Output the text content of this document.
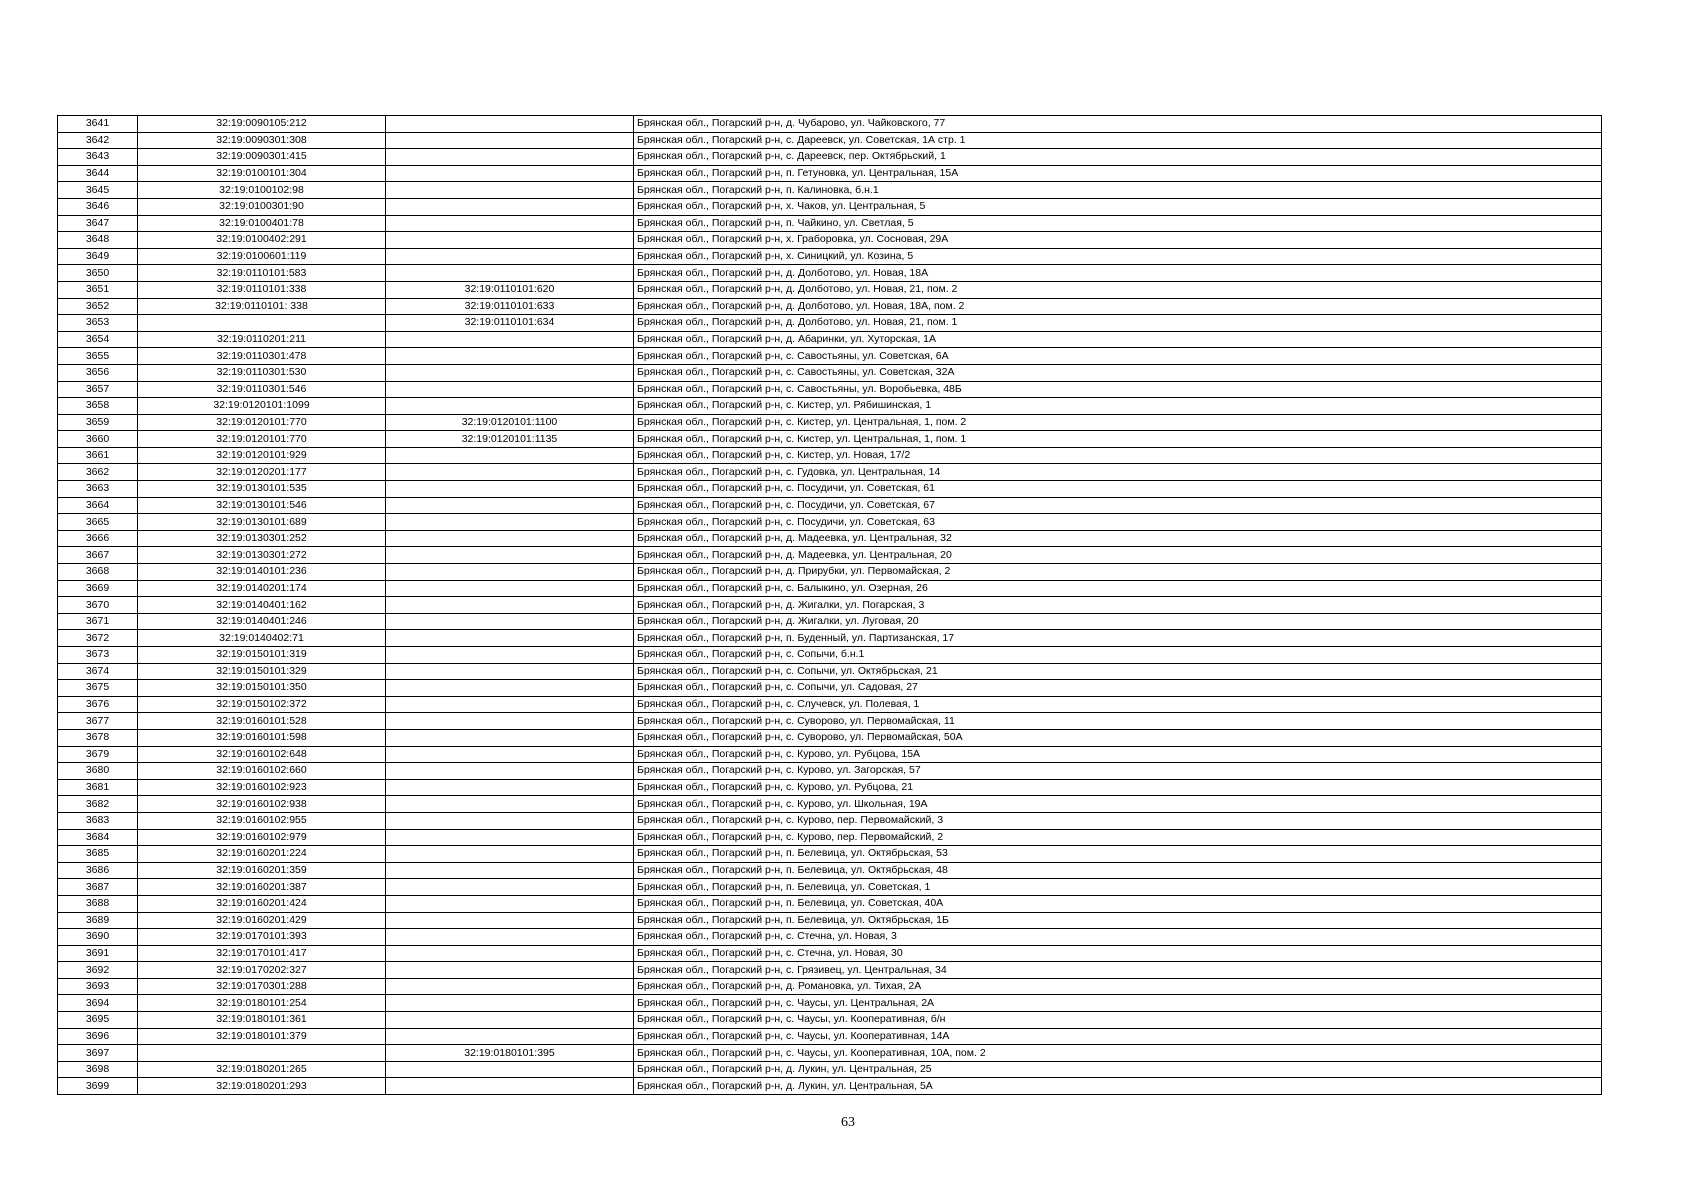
3641	32:19:0090105:212		Брянская обл., Погарский р-н, д. Чубарово, ул. Чайковского, 77
3642	32:19:0090301:308		Брянская обл., Погарский р-н, с. Дареевск, ул. Советская, 1А стр. 1
3643	32:19:0090301:415		Брянская обл., Погарский р-н, с. Дареевск, пер. Октябрьский, 1
3644	32:19:0100101:304		Брянская обл., Погарский р-н, п. Гетуновка, ул. Центральная, 15А
3645	32:19:0100102:98		Брянская обл., Погарский р-н, п. Калиновка, б.н.1
3646	32:19:0100301:90		Брянская обл., Погарский р-н, х. Чаков, ул. Центральная, 5
3647	32:19:0100401:78		Брянская обл., Погарский р-н, п. Чайкино, ул. Светлая, 5
3648	32:19:0100402:291		Брянская обл., Погарский р-н, х. Граборовка, ул. Сосновая, 29А
3649	32:19:0100601:119		Брянская обл., Погарский р-н, х. Синицкий, ул. Козина, 5
3650	32:19:0110101:583		Брянская обл., Погарский р-н, д. Долботово, ул. Новая, 18А
3651	32:19:0110101:338	32:19:0110101:620	Брянская обл., Погарский р-н, д. Долботово, ул. Новая, 21, пом. 2
3652	32:19:0110101: 338	32:19:0110101:633	Брянская обл., Погарский р-н, д. Долботово, ул. Новая, 18А, пом. 2
3653		32:19:0110101:634	Брянская обл., Погарский р-н, д. Долботово, ул. Новая, 21, пом. 1
3654	32:19:0110201:211		Брянская обл., Погарский р-н, д. Абаринки, ул. Хуторская, 1А
3655	32:19:0110301:478		Брянская обл., Погарский р-н, с. Савостьяны, ул. Советская, 6А
3656	32:19:0110301:530		Брянская обл., Погарский р-н, с. Савостьяны, ул. Советская, 32А
3657	32:19:0110301:546		Брянская обл., Погарский р-н, с. Савостьяны, ул. Воробьевка, 48Б
3658	32:19:0120101:1099		Брянская обл., Погарский р-н, с. Кистер, ул. Рябишинская, 1
3659	32:19:0120101:770	32:19:0120101:1100	Брянская обл., Погарский р-н, с. Кистер, ул. Центральная, 1, пом. 2
3660	32:19:0120101:770	32:19:0120101:1135	Брянская обл., Погарский р-н, с. Кистер, ул. Центральная, 1, пом. 1
3661	32:19:0120101:929		Брянская обл., Погарский р-н, с. Кистер, ул. Новая, 17/2
3662	32:19:0120201:177		Брянская обл., Погарский р-н, с. Гудовка, ул. Центральная, 14
3663	32:19:0130101:535		Брянская обл., Погарский р-н, с. Посудичи, ул. Советская, 61
3664	32:19:0130101:546		Брянская обл., Погарский р-н, с. Посудичи, ул. Советская, 67
3665	32:19:0130101:689		Брянская обл., Погарский р-н, с. Посудичи, ул. Советская, 63
3666	32:19:0130301:252		Брянская обл., Погарский р-н, д. Мадеевка, ул. Центральная, 32
3667	32:19:0130301:272		Брянская обл., Погарский р-н, д. Мадеевка, ул. Центральная, 20
3668	32:19:0140101:236		Брянская обл., Погарский р-н, д. Прирубки, ул. Первомайская, 2
3669	32:19:0140201:174		Брянская обл., Погарский р-н, с. Балыкино, ул. Озерная, 26
3670	32:19:0140401:162		Брянская обл., Погарский р-н, д. Жигалки, ул. Погарская, 3
3671	32:19:0140401:246		Брянская обл., Погарский р-н, д. Жигалки, ул. Луговая, 20
3672	32:19:0140402:71		Брянская обл., Погарский р-н, п. Буденный, ул. Партизанская, 17
3673	32:19:0150101:319		Брянская обл., Погарский р-н, с. Сопычи, б.н.1
3674	32:19:0150101:329		Брянская обл., Погарский р-н, с. Сопычи, ул. Октябрьская, 21
3675	32:19:0150101:350		Брянская обл., Погарский р-н, с. Сопычи, ул. Садовая, 27
3676	32:19:0150102:372		Брянская обл., Погарский р-н, с. Случевск, ул. Полевая, 1
3677	32:19:0160101:528		Брянская обл., Погарский р-н, с. Суворово, ул. Первомайская, 11
3678	32:19:0160101:598		Брянская обл., Погарский р-н, с. Суворово, ул. Первомайская, 50А
3679	32:19:0160102:648		Брянская обл., Погарский р-н, с. Курово, ул. Рубцова, 15А
3680	32:19:0160102:660		Брянская обл., Погарский р-н, с. Курово, ул. Загорская, 57
3681	32:19:0160102:923		Брянская обл., Погарский р-н, с. Курово, ул. Рубцова, 21
3682	32:19:0160102:938		Брянская обл., Погарский р-н, с. Курово, ул. Школьная, 19А
3683	32:19:0160102:955		Брянская обл., Погарский р-н, с. Курово, пер. Первомайский, 3
3684	32:19:0160102:979		Брянская обл., Погарский р-н, с. Курово, пер. Первомайский, 2
3685	32:19:0160201:224		Брянская обл., Погарский р-н, п. Белевица, ул. Октябрьская, 53
3686	32:19:0160201:359		Брянская обл., Погарский р-н, п. Белевица, ул. Октябрьская, 48
3687	32:19:0160201:387		Брянская обл., Погарский р-н, п. Белевица, ул. Советская, 1
3688	32:19:0160201:424		Брянская обл., Погарский р-н, п. Белевица, ул. Советская, 40А
3689	32:19:0160201:429		Брянская обл., Погарский р-н, п. Белевица, ул. Октябрьская, 1Б
3690	32:19:0170101:393		Брянская обл., Погарский р-н, с. Стечна, ул. Новая, 3
3691	32:19:0170101:417		Брянская обл., Погарский р-н, с. Стечна, ул. Новая, 30
3692	32:19:0170202:327		Брянская обл., Погарский р-н, с. Грязивец, ул. Центральная, 34
3693	32:19:0170301:288		Брянская обл., Погарский р-н, д. Романовка, ул. Тихая, 2А
3694	32:19:0180101:254		Брянская обл., Погарский р-н, с. Чаусы, ул. Центральная, 2А
3695	32:19:0180101:361		Брянская обл., Погарский р-н, с. Чаусы, ул. Кооперативная, б/н
3696	32:19:0180101:379		Брянская обл., Погарский р-н, с. Чаусы, ул. Кооперативная, 14А
3697		32:19:0180101:395	Брянская обл., Погарский р-н, с. Чаусы, ул. Кооперативная, 10А, пом. 2
3698	32:19:0180201:265		Брянская обл., Погарский р-н, д. Лукин, ул. Центральная, 25
3699	32:19:0180201:293		Брянская обл., Погарский р-н, д. Лукин, ул. Центральная, 5А
63
